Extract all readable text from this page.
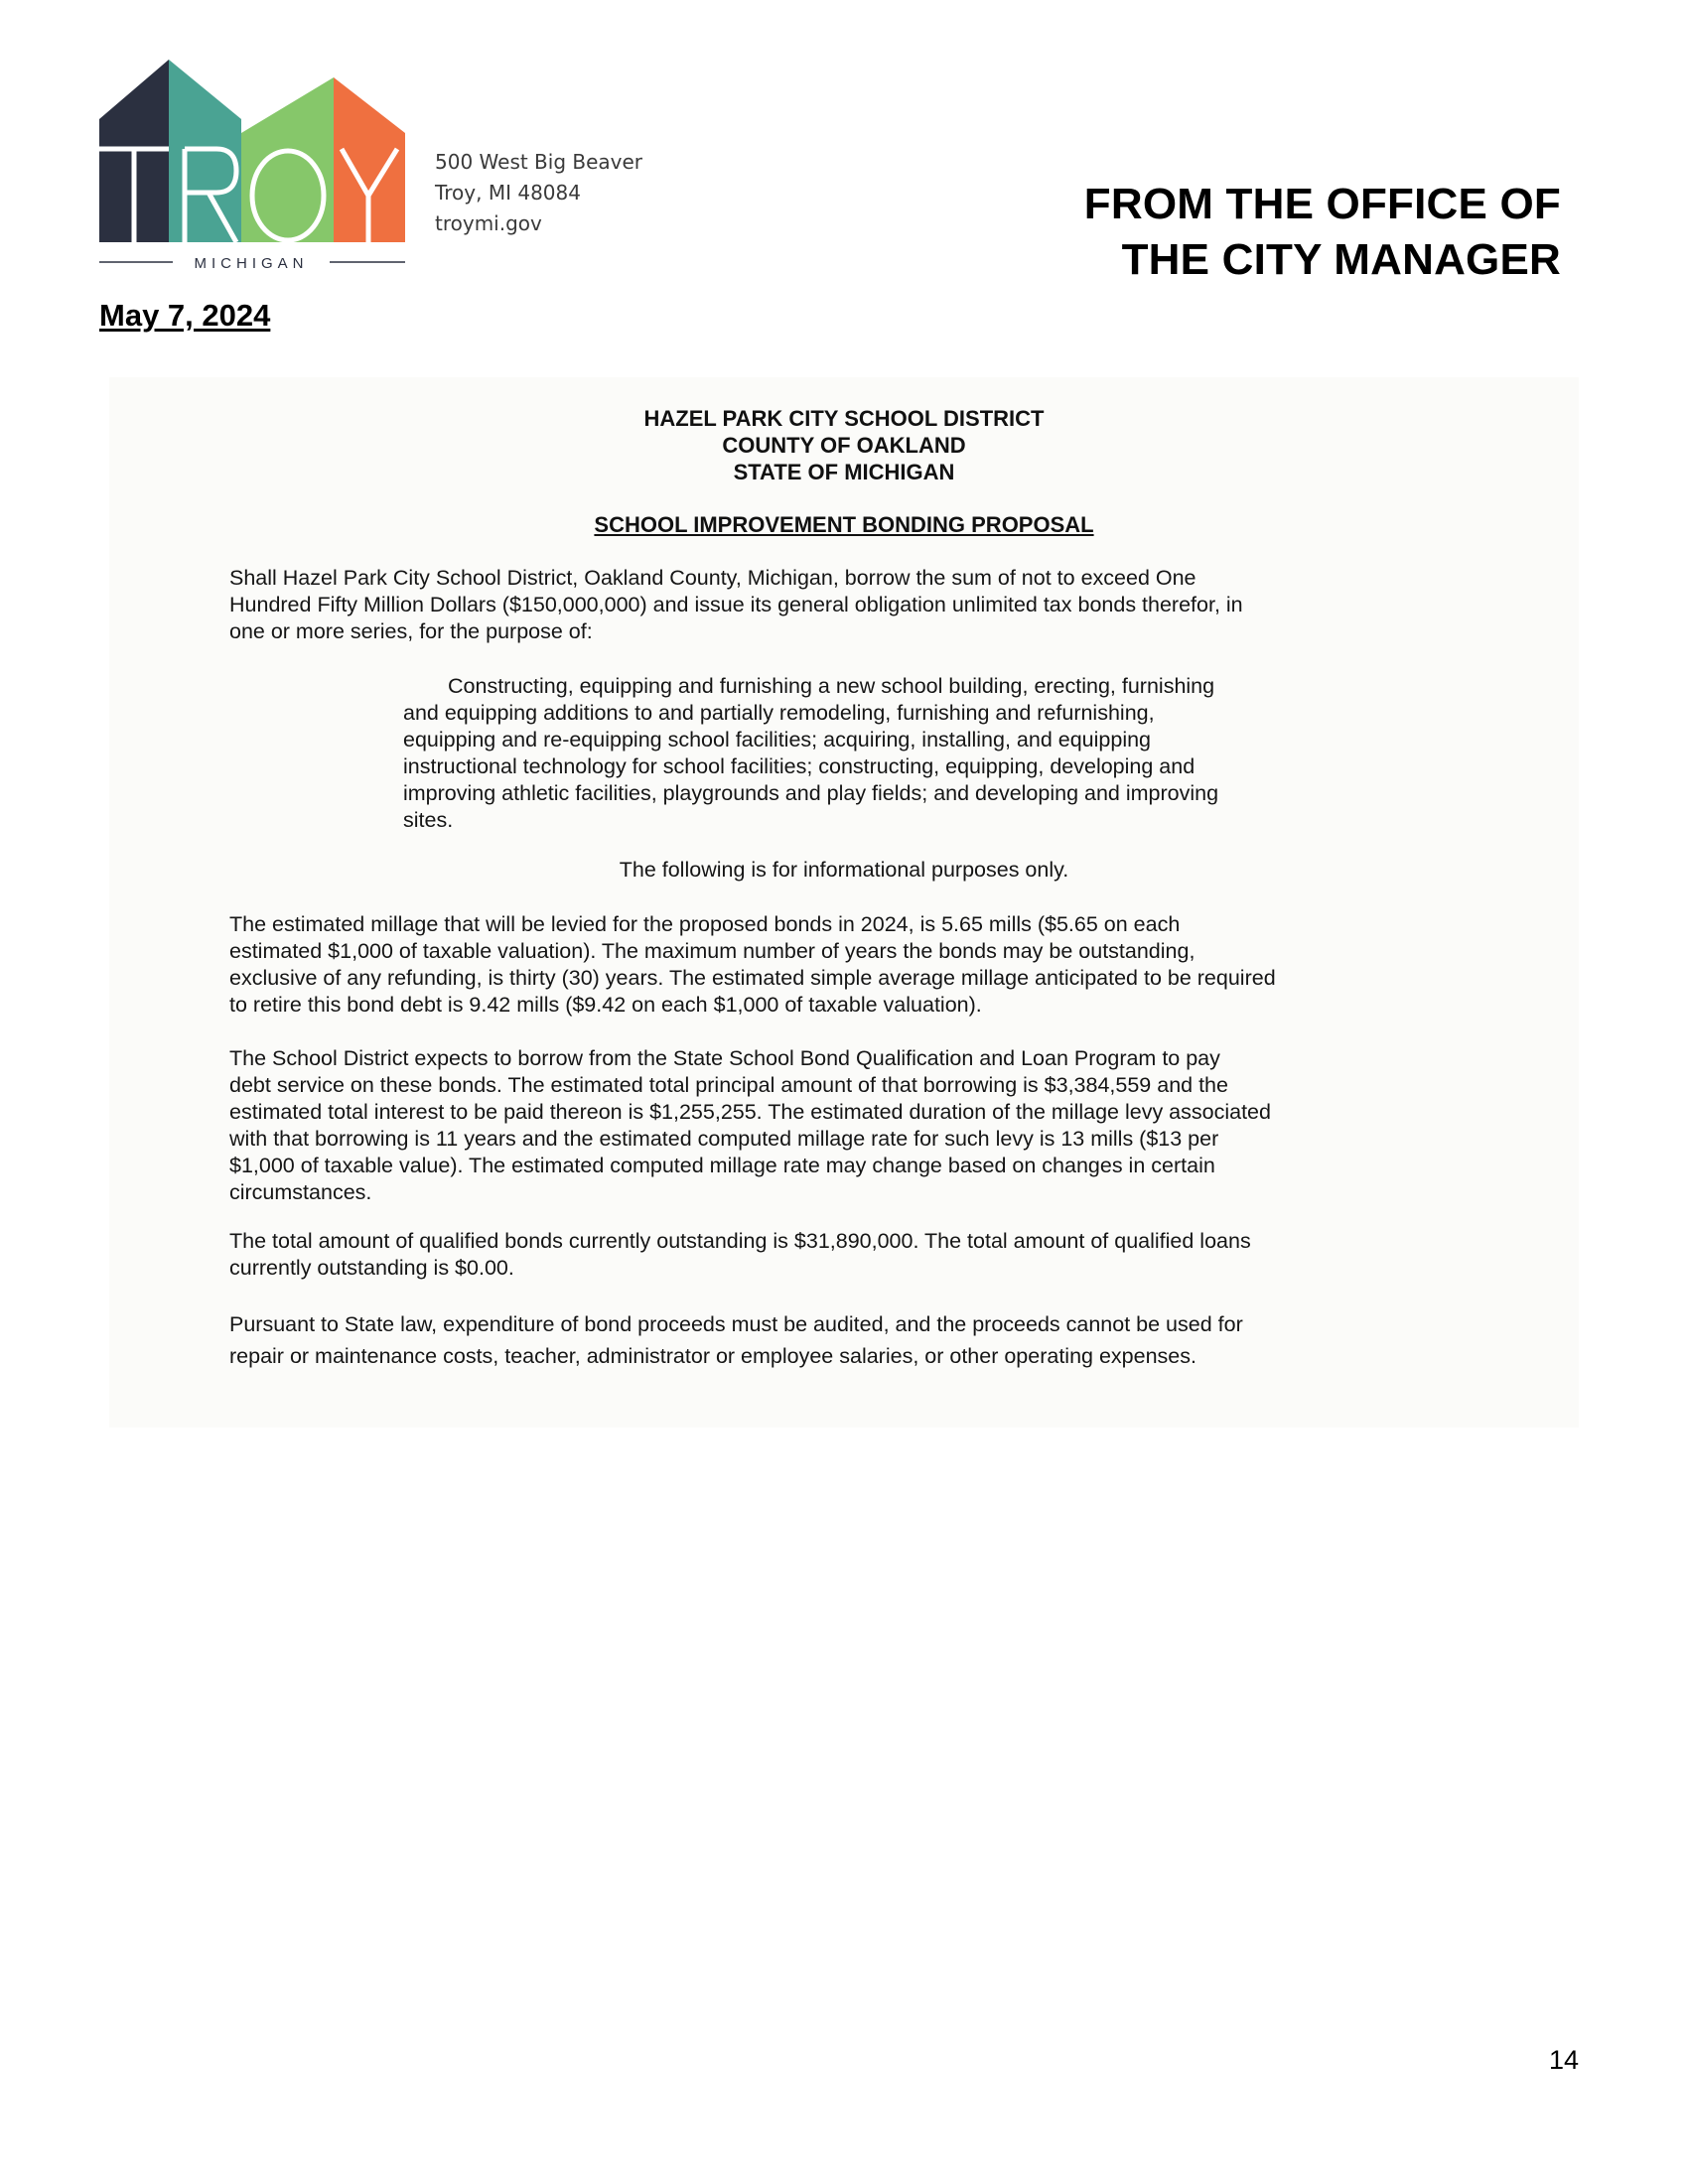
MICHIGAN
500 West Big Beaver
Troy, MI 48084
troymi.gov	FROM THE OFFICE OF
THE CITY MANAGER
May 7, 2024
HAZEL PARK CITY SCHOOL DISTRICT
COUNTY OF OAKLAND
STATE OF MICHIGAN
SCHOOL IMPROVEMENT BONDING PROPOSAL
Shall Hazel Park City School District, Oakland County, Michigan, borrow the sum of not to exceed One
Hundred Fifty Million Dollars ($150,000,000) and issue its general obligation unlimited tax bonds therefor, in
one or more series, for the purpose of:
Constructing, equipping and furnishing a new school building, erecting, furnishing
and equipping additions to and partially remodeling, furnishing and refurnishing,
equipping and re-equipping school facilities; acquiring, installing, and equipping
instructional technology for school facilities; constructing, equipping, developing and
improving athletic facilities, playgrounds and play fields; and developing and improving
sites.
The following is for informational purposes only.
The estimated millage that will be levied for the proposed bonds in 2024, is 5.65 mills ($5.65 on each
estimated $1,000 of taxable valuation). The maximum number of years the bonds may be outstanding,
exclusive of any refunding, is thirty (30) years. The estimated simple average millage anticipated to be required
to retire this bond debt is 9.42 mills ($9.42 on each $1,000 of taxable valuation).
The School District expects to borrow from the State School Bond Qualification and Loan Program to pay
debt service on these bonds. The estimated total principal amount of that borrowing is $3,384,559 and the
estimated total interest to be paid thereon is $1,255,255. The estimated duration of the millage levy associated
with that borrowing is 11 years and the estimated computed millage rate for such levy is 13 mills ($13 per
$1,000 of taxable value). The estimated computed millage rate may change based on changes in certain
circumstances.
The total amount of qualified bonds currently outstanding is $31,890,000. The total amount of qualified loans
currently outstanding is $0.00.
Pursuant to State law, expenditure of bond proceeds must be audited, and the proceeds cannot be used for
repair or maintenance costs, teacher, administrator or employee salaries, or other operating expenses.
14
